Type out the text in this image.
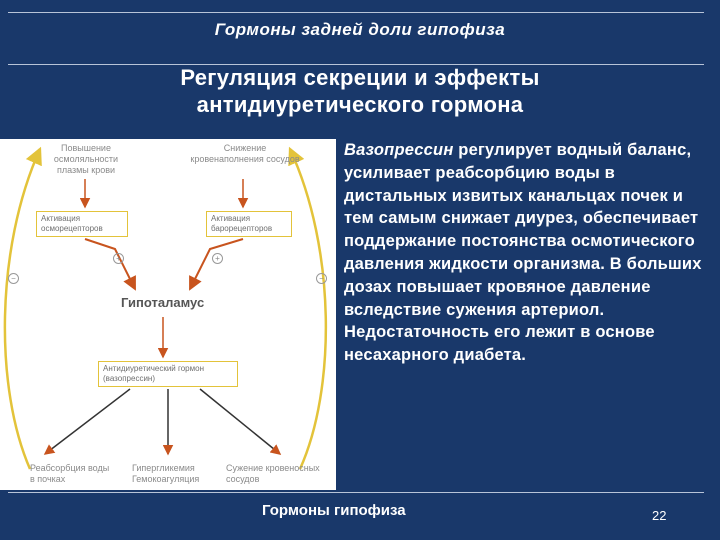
Гормоны задней доли гипофиза
Регуляция секреции и эффекты
антидиуретического гормона
Повышение осмоляльности плазмы крови
Снижение кровенаполнения сосудов
Активация осморецепторов
Активация барорецепторов
+	+
−	−
Гипоталамус
Антидиуретический гормон (вазопрессин)
Реабсорбция воды в почках
Гипергликемия Гемокоагуляция
Сужение кровеносных сосудов
Вазопрессин регулирует водный баланс, усиливает реабсорбцию воды в дистальных извитых канальцах почек и тем самым снижает диурез, обеспечивает поддержание постоянства осмотического давления жидкости организма. В больших дозах повышает кровяное давление вследствие сужения артериол. Недостаточность его лежит в основе несахарного диабета.
Гормоны гипофиза	22
